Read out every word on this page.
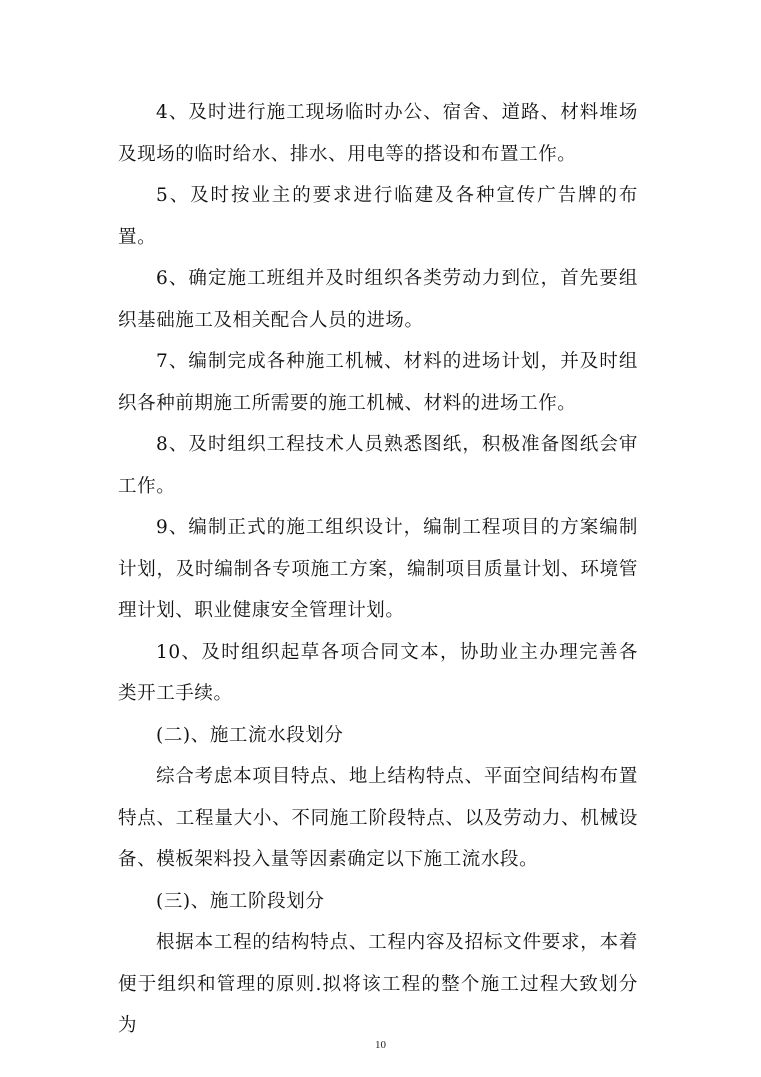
4、及时进行施工现场临时办公、宿舍、道路、材料堆场及现场的临时给水、排水、用电等的搭设和布置工作。

5、及时按业主的要求进行临建及各种宣传广告牌的布置。

6、确定施工班组并及时组织各类劳动力到位，首先要组织基础施工及相关配合人员的进场。

7、编制完成各种施工机械、材料的进场计划，并及时组织各种前期施工所需要的施工机械、材料的进场工作。

8、及时组织工程技术人员熟悉图纸，积极准备图纸会审工作。

9、编制正式的施工组织设计，编制工程项目的方案编制计划，及时编制各专项施工方案，编制项目质量计划、环境管理计划、职业健康安全管理计划。

10、及时组织起草各项合同文本，协助业主办理完善各类开工手续。

(二)、施工流水段划分

综合考虑本项目特点、地上结构特点、平面空间结构布置特点、工程量大小、不同施工阶段特点、以及劳动力、机械设备、模板架料投入量等因素确定以下施工流水段。

(三)、施工阶段划分

根据本工程的结构特点、工程内容及招标文件要求，本着便于组织和管理的原则.拟将该工程的整个施工过程大致划分为

10
